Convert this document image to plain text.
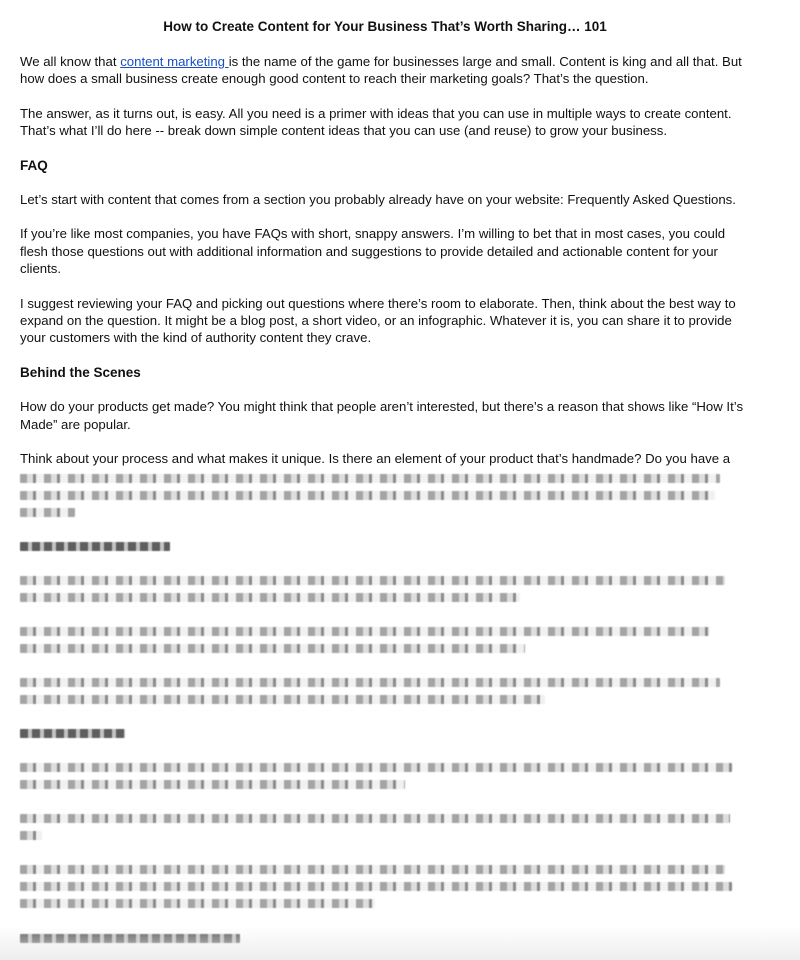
How to Create Content for Your Business That’s Worth Sharing… 101

We all know that content marketing is the name of the game for businesses large and small. Content is king and all that. But how does a small business create enough good content to reach their marketing goals? That’s the question.

The answer, as it turns out, is easy. All you need is a primer with ideas that you can use in multiple ways to create content. That’s what I’ll do here -- break down simple content ideas that you can use (and reuse) to grow your business.

FAQ

Let’s start with content that comes from a section you probably already have on your website: Frequently Asked Questions.

If you’re like most companies, you have FAQs with short, snappy answers. I’m willing to bet that in most cases, you could flesh those questions out with additional information and suggestions to provide detailed and actionable content for your clients.

I suggest reviewing your FAQ and picking out questions where there’s room to elaborate. Then, think about the best way to expand on the question. It might be a blog post, a short video, or an infographic. Whatever it is, you can share it to provide your customers with the kind of authority content they crave.

Behind the Scenes

How do your products get made? You might think that people aren’t interested, but there’s a reason that shows like “How It’s Made” are popular.

Think about your process and what makes it unique. Is there an element of your product that’s handmade? Do you have a
